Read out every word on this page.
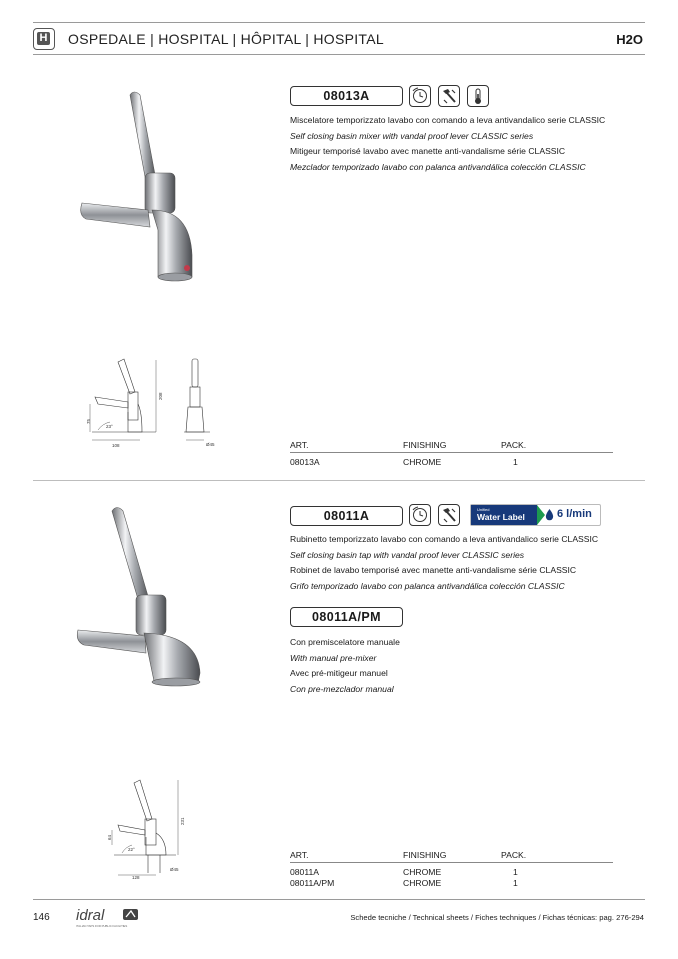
H OSPEDALE | HOSPITAL | HÔPITAL | HOSPITAL	H2O
08013A
Miscelatore temporizzato lavabo con comando a leva antivandalico serie CLASSIC
Self closing basin mixer with vandal proof lever CLASSIC series
Mitigeur temporisé lavabo avec manette anti-vandalisme série CLASSIC
Mezclador temporizado lavabo con palanca antivandálica colección CLASSIC
75
23°
108
208
Ø45	ART.	FINISHING	PACK.
08013A	CHROME	1
08011A	Unified
Water Label	6 l/min
Rubinetto temporizzato lavabo con comando a leva antivandalico serie CLASSIC
Self closing basin tap with vandal proof lever CLASSIC series
Robinet de lavabo temporisé avec manette anti-vandalisme série CLASSIC
Grifo temporizado lavabo con palanca antivandálica colección CLASSIC
08011A/PM
Con premiscelatore manuale
With manual pre-mixer
Avec pré-mitigeur manuel
Con pre-mezclador manual
64
22°
128
231
Ø45
ART.	FINISHING	PACK.
08011A	CHROME	1
08011A/PM	CHROME	1
146 idral
ITALIAN TAPS FOR PUBLIC FACILITIES
Schede tecniche / Technical sheets / Fiches techniques / Fichas técnicas: pag. 276-294
